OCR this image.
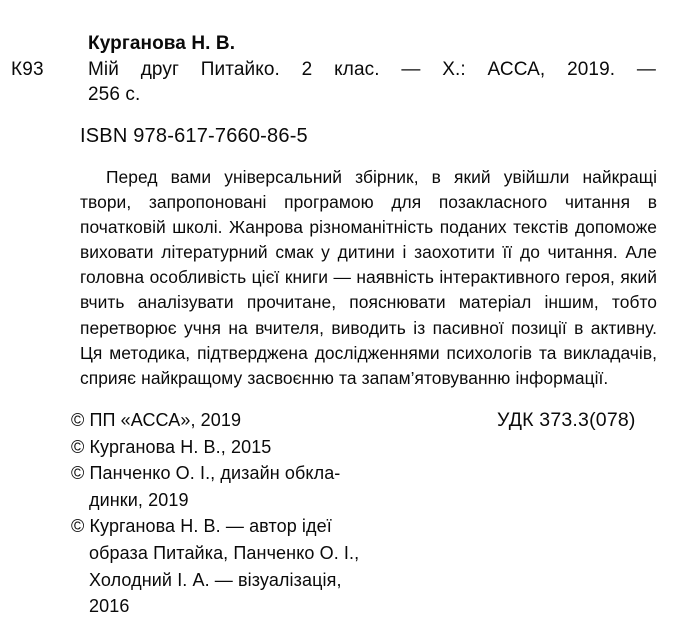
К93
Курганова Н. В.
Мій друг Питайко. 2 клас. — Х.: АССА, 2019. —
256 с.
ISBN 978-617-7660-86-5
Перед вами універсальний збірник, в який увійшли найкращі твори, запропоновані програмою для позакласного читання в початковій школі. Жанрова різноманітність поданих текстів допоможе виховати літературний смак у дитини і заохотити її до читання. Але головна особливість цієї книги — наявність інтерактивного героя, який вчить аналізувати прочитане, пояснювати матеріал іншим, тобто перетворює учня на вчителя, виводить із пасивної позиції в активну. Ця методика, підтверджена дослідженнями психологів та викладачів, сприяє найкращому засвоєнню та запам’ятовуванню інформації.
© ПП «АССА», 2019
© Курганова Н. В., 2015
© Панченко О. І., дизайн обкла-
динки, 2019
© Курганова Н. В. — автор ідеї
образа Питайка, Панченко О. І.,
Холодний І. А. — візуалізація,
2016
УДК 373.3(078)
